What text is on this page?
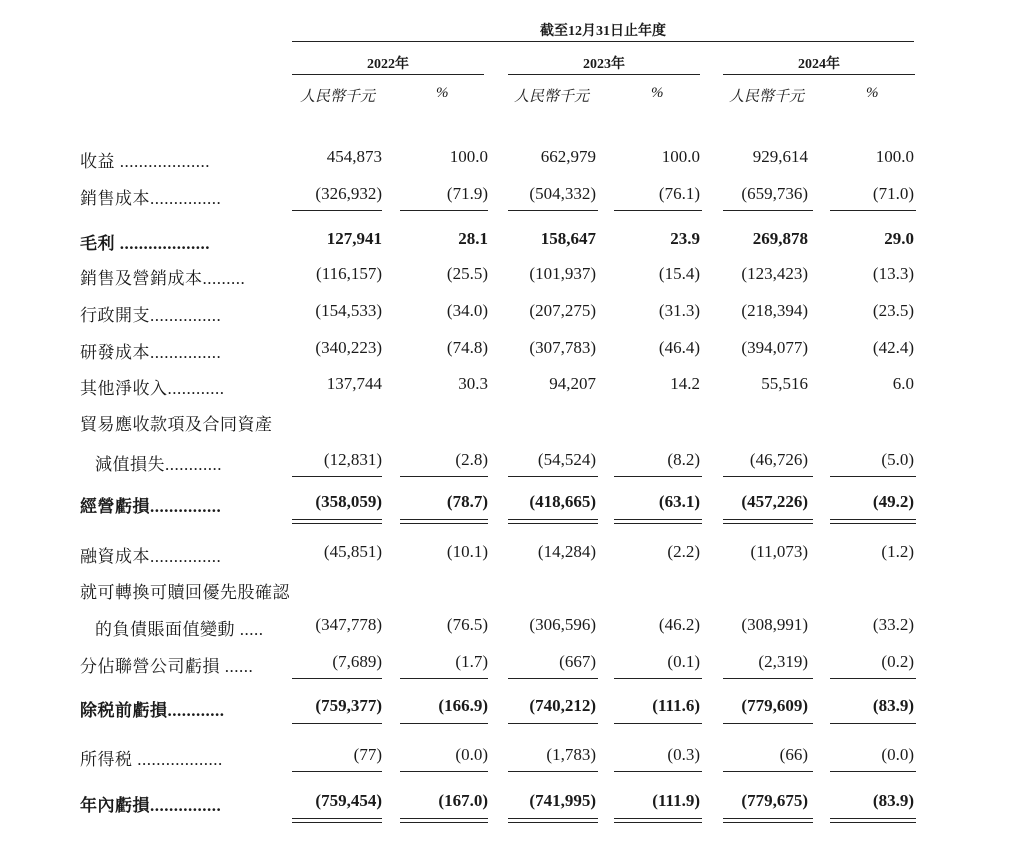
截至12月31日止年度
2022年	2023年	2024年
人民幣千元	%	人民幣千元	%	人民幣千元	%
收益 ...................	454,873	100.0	662,979	100.0	929,614	100.0
銷售成本...............	(326,932)	(71.9) (504,332)	(76.1) (659,736)	(71.0)
毛利 ...................	127,941	28.1	158,647	23.9	269,878	29.0
銷售及營銷成本.........	(116,157)	(25.5) (101,937)	(15.4) (123,423)	(13.3)
行政開支...............	(154,533)	(34.0) (207,275)	(31.3) (218,394)	(23.5)
研發成本...............	(340,223)	(74.8) (307,783)	(46.4) (394,077)	(42.4)
其他淨收入............	137,744	30.3	94,207	14.2	55,516	6.0
貿易應收款項及合同資產
減值損失............	(12,831)	(2.8)	(54,524)	(8.2)	(46,726)	(5.0)
經營虧損...............	(358,059)	(78.7) (418,665)	(63.1) (457,226)	(49.2)
融資成本...............	(45,851)	(10.1)	(14,284)	(2.2)	(11,073)	(1.2)
就可轉換可贖回優先股確認
的負債賬面值變動 .....	(347,778)	(76.5) (306,596)	(46.2) (308,991)	(33.2)
分佔聯營公司虧損 ......	(7,689)	(1.7)	(667)	(0.1)	(2,319)	(0.2)
除税前虧損............	(759,377)	(166.9) (740,212)	(111.6) (779,609)	(83.9)
所得税 ..................	(77)	(0.0)	(1,783)	(0.3)	(66)	(0.0)
年內虧損...............	(759,454)	(167.0) (741,995)	(111.9) (779,675)	(83.9)
